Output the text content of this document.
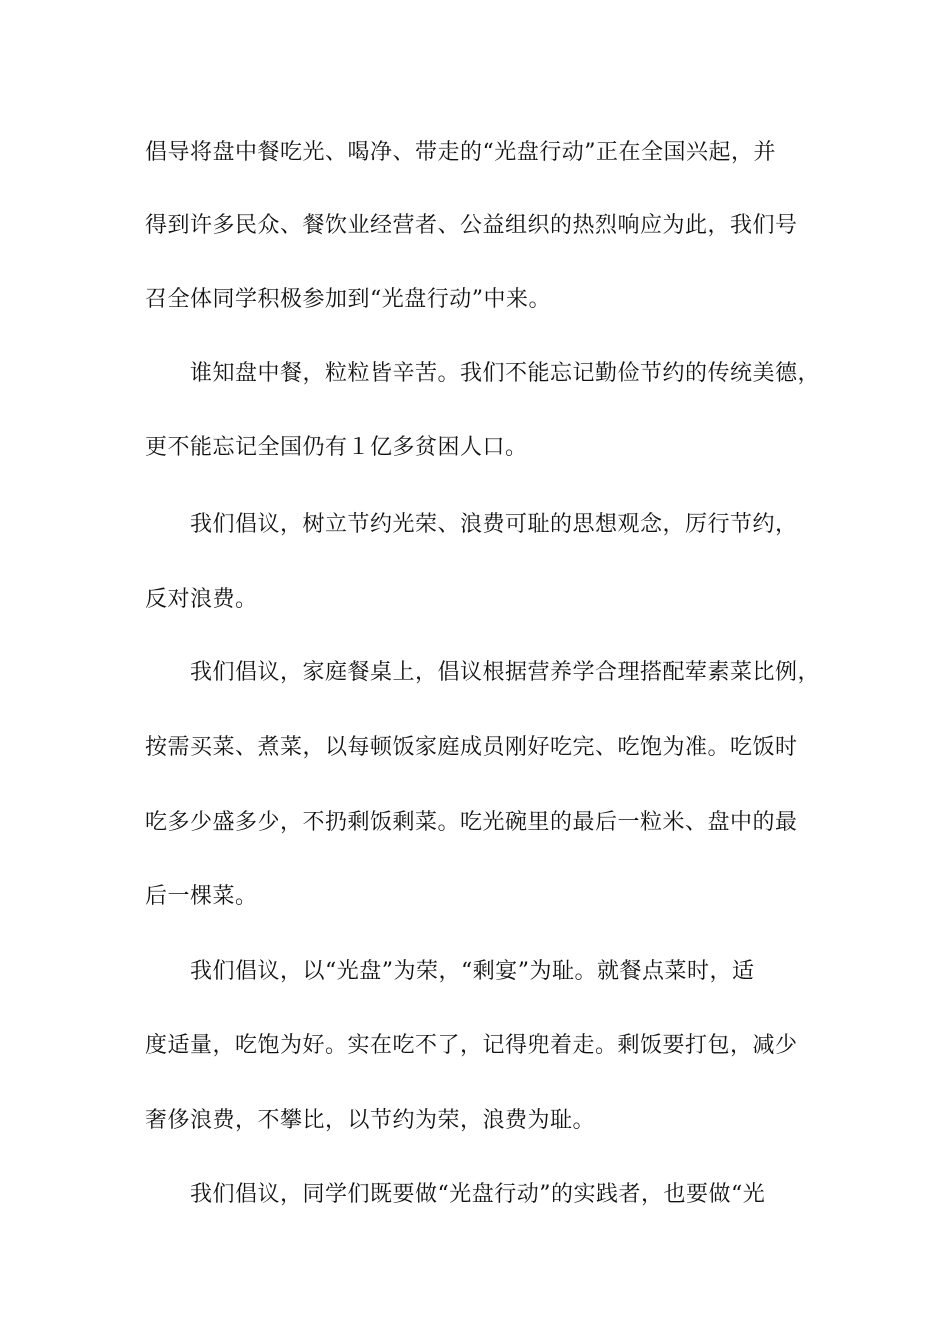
倡导将盘中餐吃光、喝净、带走的“光盘行动”正在全国兴起，并
得到许多民众、餐饮业经营者、公益组织的热烈响应为此，我们号
召全体同学积极参加到“光盘行动”中来。
谁知盘中餐，粒粒皆辛苦。我们不能忘记勤俭节约的传统美德，
更不能忘记全国仍有１亿多贫困人口。
我们倡议，树立节约光荣、浪费可耻的思想观念，厉行节约，
反对浪费。
我们倡议，家庭餐桌上，倡议根据营养学合理搭配荤素菜比例，
按需买菜、煮菜，以每顿饭家庭成员刚好吃完、吃饱为准。吃饭时
吃多少盛多少，不扔剩饭剩菜。吃光碗里的最后一粒米、盘中的最
后一棵菜。
我们倡议，以“光盘”为荣，“剩宴”为耻。就餐点菜时，适
度适量，吃饱为好。实在吃不了，记得兜着走。剩饭要打包，减少
奢侈浪费，不攀比，以节约为荣，浪费为耻。
我们倡议，同学们既要做“光盘行动”的实践者，也要做“光
